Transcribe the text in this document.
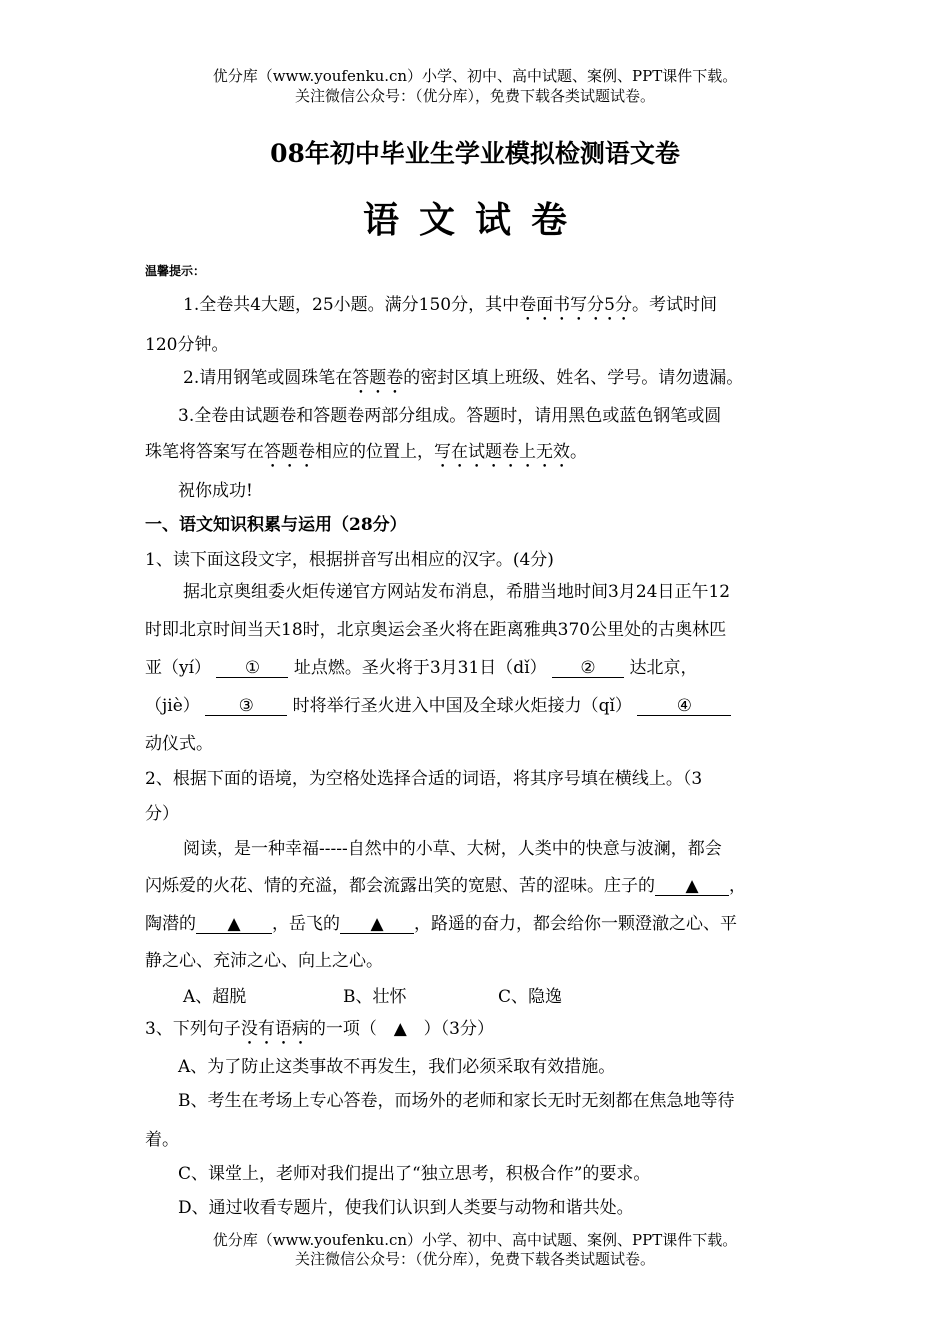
优分库（www.youfenku.cn）小学、初中、高中试题、案例、PPT课件下载。
关注微信公众号：（优分库），免费下载各类试题试卷。
08年初中毕业生学业模拟检测语文卷
语文试卷
温馨提示：
1.全卷共4大题，25小题。满分150分，其中卷面书写分5分。考试时间
120分钟。
2.请用钢笔或圆珠笔在答题卷的密封区填上班级、姓名、学号。请勿遗漏。
3.全卷由试题卷和答题卷两部分组成。答题时，请用黑色或蓝色钢笔或圆
珠笔将答案写在答题卷相应的位置上，写在试题卷上无效。
祝你成功!
一、语文知识积累与运用（28分）
1、读下面这段文字，根据拼音写出相应的汉字。(4分)
据北京奥组委火炬传递官方网站发布消息，希腊当地时间3月24日正午12
时即北京时间当天18时，北京奥运会圣火将在距离雅典370公里处的古奥林匹
亚（yí） ① 址点燃。圣火将于3月31日（dǐ） ② 达北京，
（jiè） ③ 时将举行圣火进入中国及全球火炬接力（qǐ）	④
动仪式。
2、根据下面的语境，为空格处选择合适的词语，将其序号填在横线上。（3
分）
阅读，是一种幸福-----自然中的小草、大树，人类中的快意与波澜，都会
闪烁爱的火花、情的充溢，都会流露出笑的宽慰、苦的涩味。庄子的 ▲ ，
陶潜的 ▲ ，岳飞的 ▲ ，路遥的奋力，都会给你一颗澄澈之心、平
静之心、充沛之心、向上之心。
A、超脱	B、壮怀	C、隐逸
3、下列句子没有语病的一项（ ▲ ）（3分）
A、为了防止这类事故不再发生，我们必须采取有效措施。
B、考生在考场上专心答卷，而场外的老师和家长无时无刻都在焦急地等待
着。
C、课堂上，老师对我们提出了“独立思考，积极合作”的要求。
D、通过收看专题片，使我们认识到人类要与动物和谐共处。
优分库（www.youfenku.cn）小学、初中、高中试题、案例、PPT课件下载。
关注微信公众号：（优分库），免费下载各类试题试卷。
